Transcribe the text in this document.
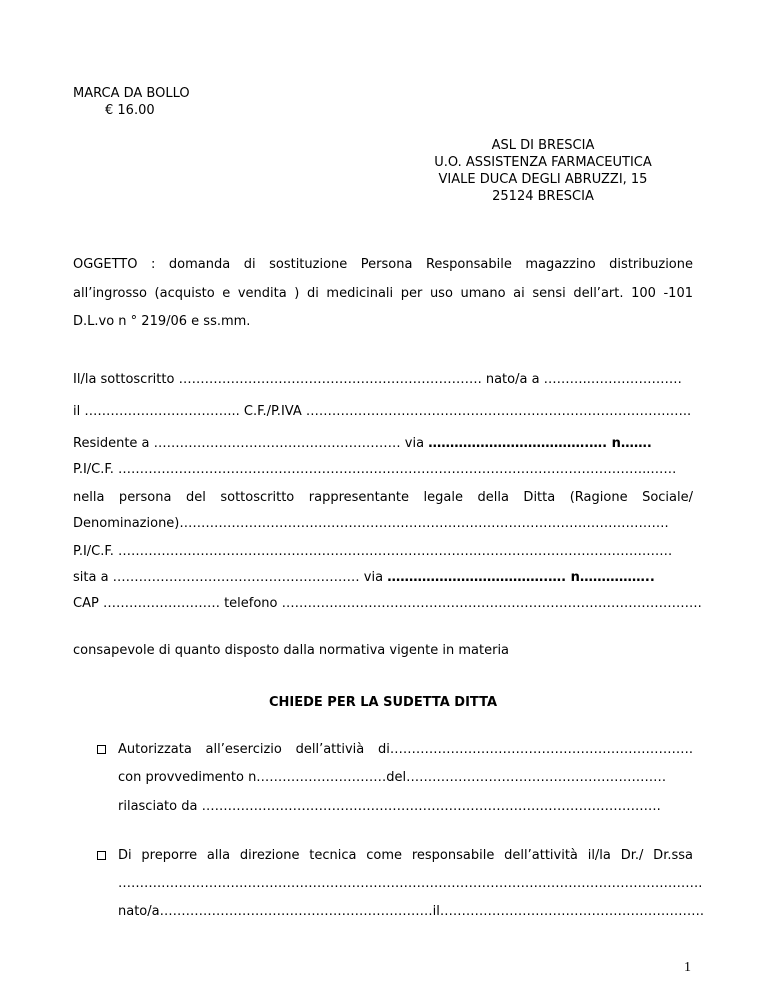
MARCA DA BOLLO
€ 16.00
ASL DI BRESCIA
U.O. ASSISTENZA FARMACEUTICA
VIALE DUCA DEGLI ABRUZZI, 15
25124 BRESCIA
OGGETTO : domanda di sostituzione Persona Responsabile magazzino distribuzione
all’ingrosso (acquisto e vendita ) di medicinali per uso umano ai sensi dell’art. 100 -101
D.L.vo n ° 219/06 e ss.mm.
Il/la sottoscritto ……………………………………………………………. nato/a a ………..…………………
il ……………………………... C.F./P.IVA ……………………………………………………………………………..
Residente a ………………………………………………… via ……………………………….…. n…….
P.I/C.F. ………………………………………………….………………………………………………………..……
nella persona del sottoscritto rappresentante legale della Ditta (Ragione Sociale/
Denominazione)…………………………………………….…………………………………………………….
P.I/C.F. ………………………………………………….…………………….………………………………………
sita a ………………………………………………… via ……………………………….…. n……………..
CAP ……………………… telefono …………………………………………………………………………………….
consapevole di quanto disposto dalla normativa vigente in materia
CHIEDE PER LA SUDETTA DITTA
Autorizzata all’esercizio dell’attivià di…………………………………………………………….
con provvedimento n…………………………del……………………………………………………
rilasciato da …………………………………………………………………………………………….
Di preporre alla direzione tecnica come responsabile dell’attività il/la Dr./ Dr.ssa
……….……………….…………………………………………………………………………………………….
nato/a………………………………………………………il…………………………………………………….
1
